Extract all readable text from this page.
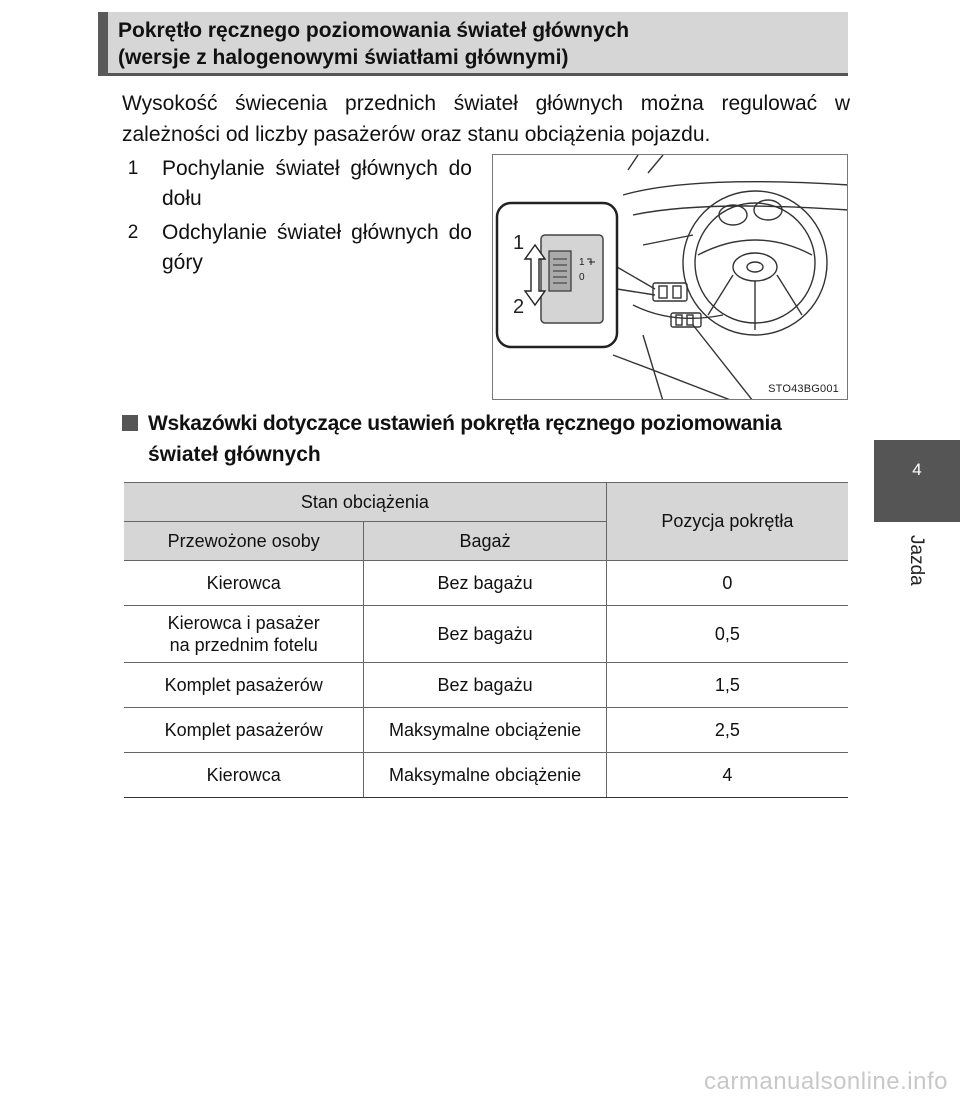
Pokrętło ręcznego poziomowania świateł głównych
(wersje z halogenowymi światłami głównymi)
Wysokość świecenia przednich świateł głównych można regulować w zależności od liczby pasażerów oraz stanu obciążenia pojazdu.
1 Pochylanie świateł głównych do dołu
2 Odchylanie świateł głównych do góry	1
0
1
2
STO43BG001
Wskazówki dotyczące ustawień pokrętła ręcznego poziomowania
świateł głównych
Stan obciążenia		Pozycja pokrętła
Przewożone osoby	Bagaż	
Kierowca	Bez bagażu	0

Kierowca i pasażer
na przednim fotelu	Bez bagażu	0,5
Komplet pasażerów	Bez bagażu	1,5
Komplet pasażerów	Maksymalne obciążenie	2,5
Kierowca	Maksymalne obciążenie	4
4
Jazda
carmanualsonline.info
